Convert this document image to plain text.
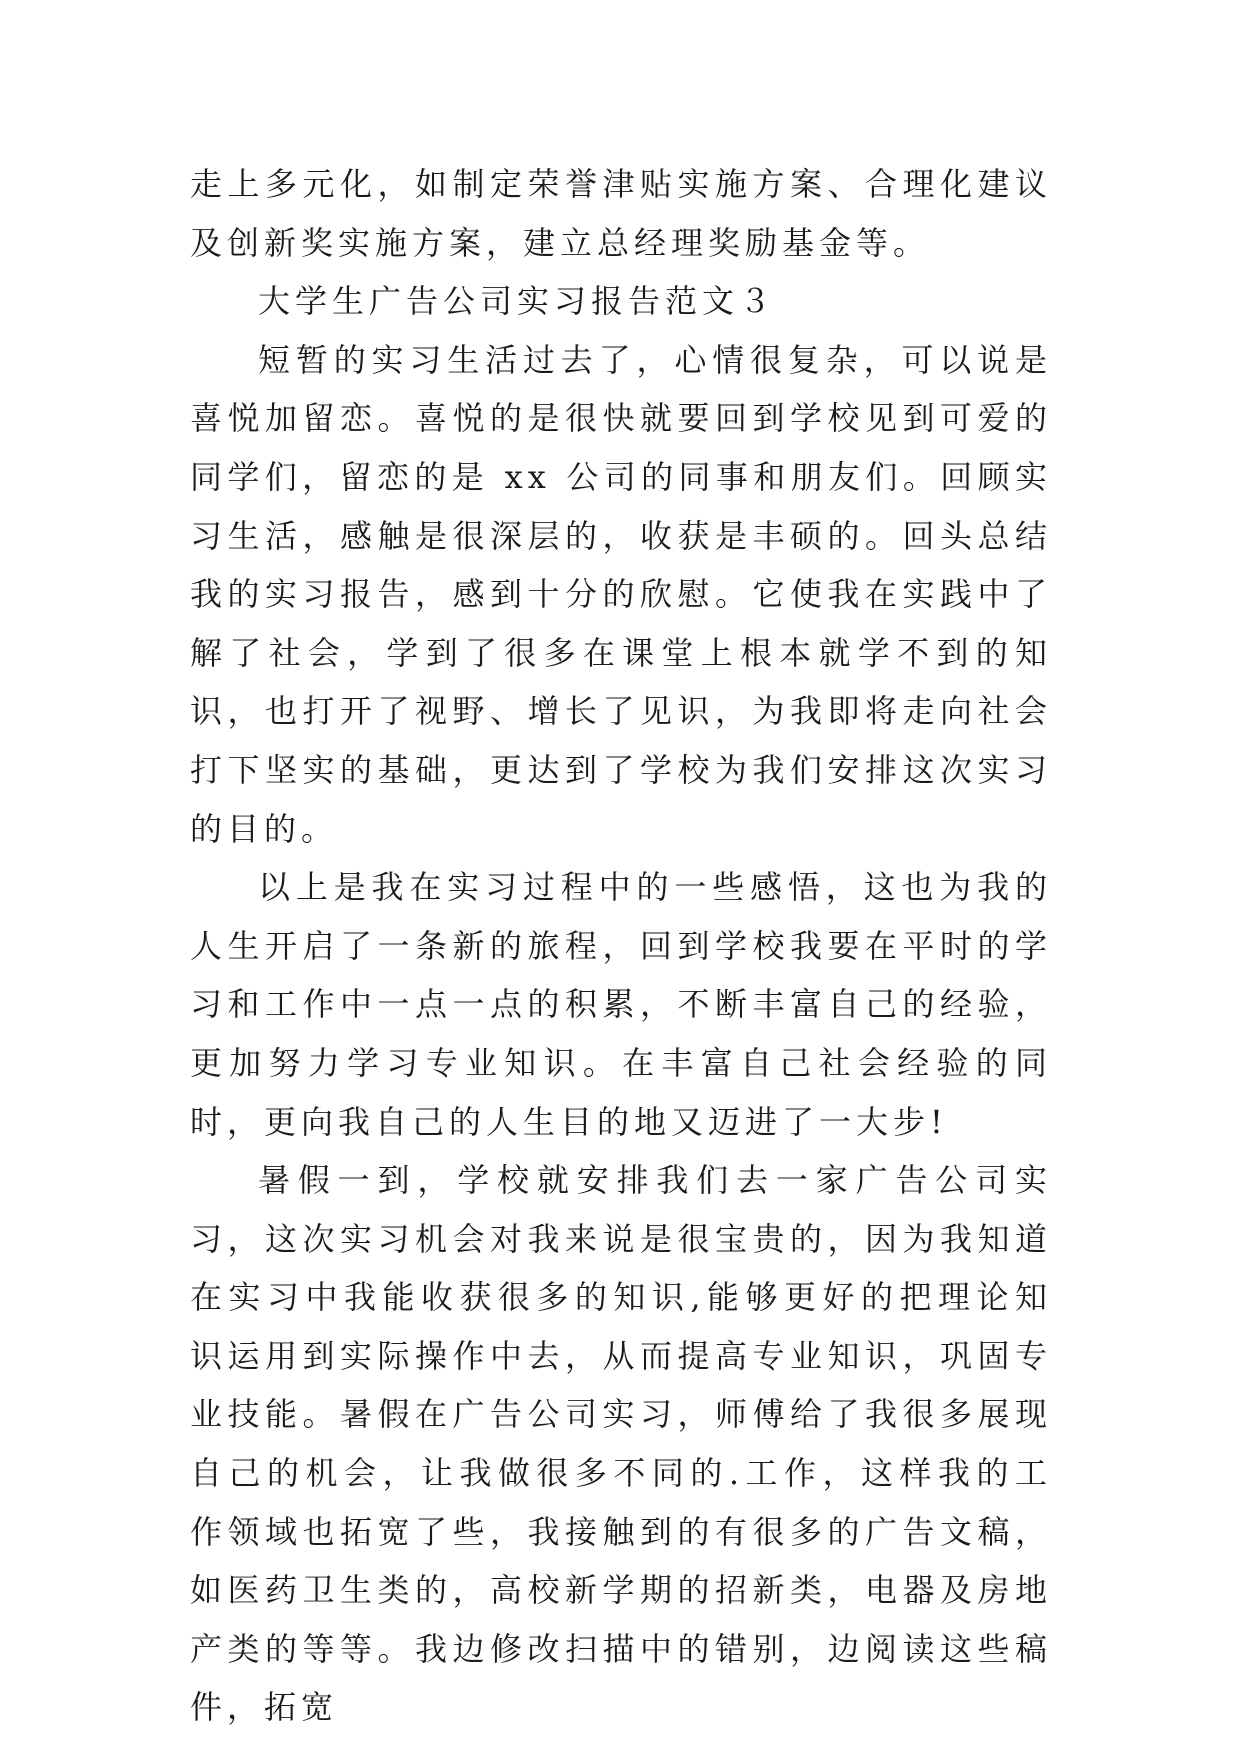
走上多元化，如制定荣誉津贴实施方案、合理化建议及创新奖实施方案，建立总经理奖励基金等。

大学生广告公司实习报告范文３

短暂的实习生活过去了，心情很复杂，可以说是喜悦加留恋。喜悦的是很快就要回到学校见到可爱的同学们，留恋的是 xx 公司的同事和朋友们。回顾实习生活，感触是很深层的，收获是丰硕的。回头总结我的实习报告，感到十分的欣慰。它使我在实践中了解了社会，学到了很多在课堂上根本就学不到的知识，也打开了视野、增长了见识，为我即将走向社会打下坚实的基础，更达到了学校为我们安排这次实习的目的。

以上是我在实习过程中的一些感悟，这也为我的人生开启了一条新的旅程，回到学校我要在平时的学习和工作中一点一点的积累，不断丰富自己的经验，更加努力学习专业知识。在丰富自己社会经验的同时，更向我自己的人生目的地又迈进了一大步!

暑假一到，学校就安排我们去一家广告公司实习，这次实习机会对我来说是很宝贵的，因为我知道在实习中我能收获很多的知识,能够更好的把理论知识运用到实际操作中去，从而提高专业知识，巩固专业技能。暑假在广告公司实习，师傅给了我很多展现自己的机会，让我做很多不同的.工作，这样我的工作领域也拓宽了些，我接触到的有很多的广告文稿，如医药卫生类的，高校新学期的招新类，电器及房地产类的等等。我边修改扫描中的错别，边阅读这些稿件，拓宽
